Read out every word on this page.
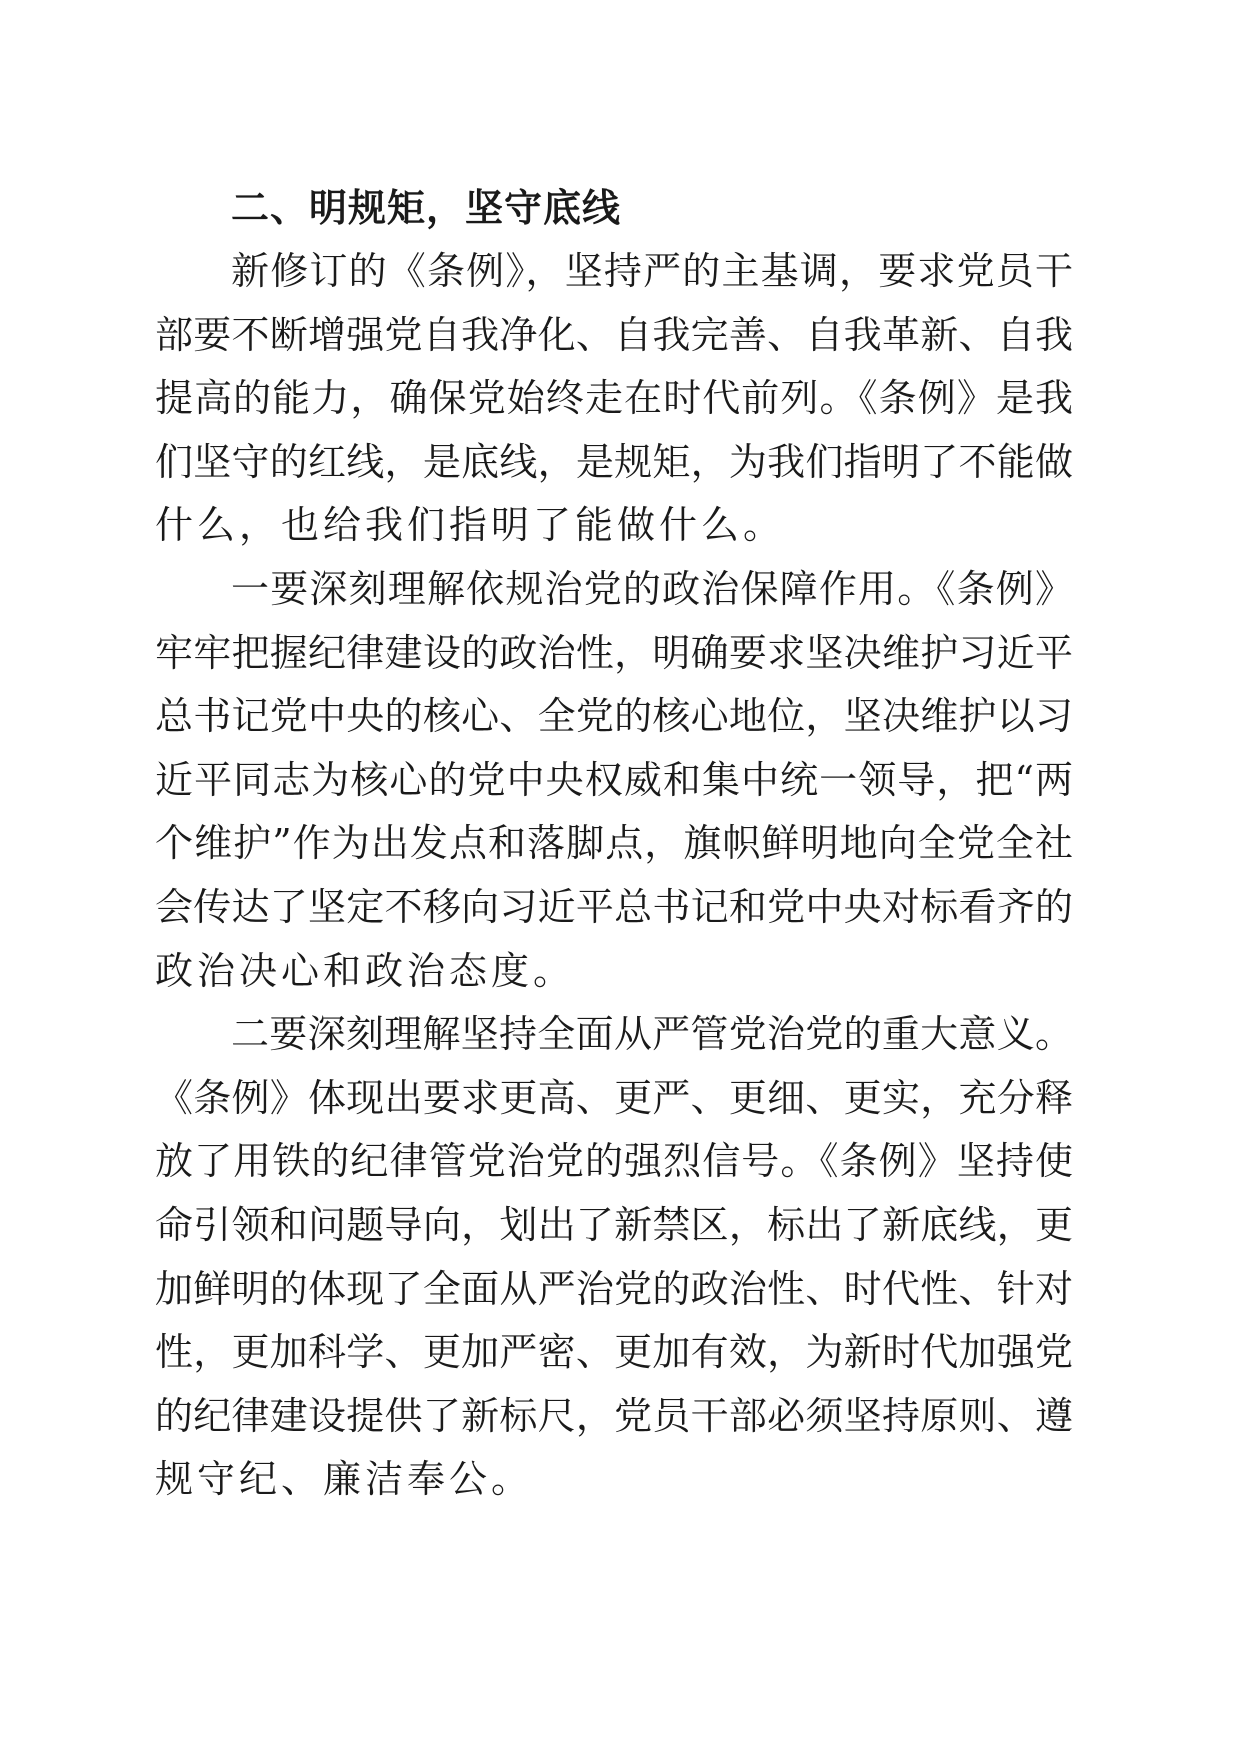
二、明规矩，坚守底线
新修订的《条例》，坚持严的主基调，要求党员干
部要不断增强党自我净化、自我完善、自我革新、自我
提高的能力，确保党始终走在时代前列。《条例》是我
们坚守的红线，是底线，是规矩，为我们指明了不能做
什么，也给我们指明了能做什么。
一要深刻理解依规治党的政治保障作用。《条例》
牢牢把握纪律建设的政治性，明确要求坚决维护习近平
总书记党中央的核心、全党的核心地位，坚决维护以习
近平同志为核心的党中央权威和集中统一领导，把“两
个维护”作为出发点和落脚点，旗帜鲜明地向全党全社
会传达了坚定不移向习近平总书记和党中央对标看齐的
政治决心和政治态度。
二要深刻理解坚持全面从严管党治党的重大意义。
《条例》体现出要求更高、更严、更细、更实，充分释
放了用铁的纪律管党治党的强烈信号。《条例》坚持使
命引领和问题导向，划出了新禁区，标出了新底线，更
加鲜明的体现了全面从严治党的政治性、时代性、针对
性，更加科学、更加严密、更加有效，为新时代加强党
的纪律建设提供了新标尺，党员干部必须坚持原则、遵
规守纪、廉洁奉公。
